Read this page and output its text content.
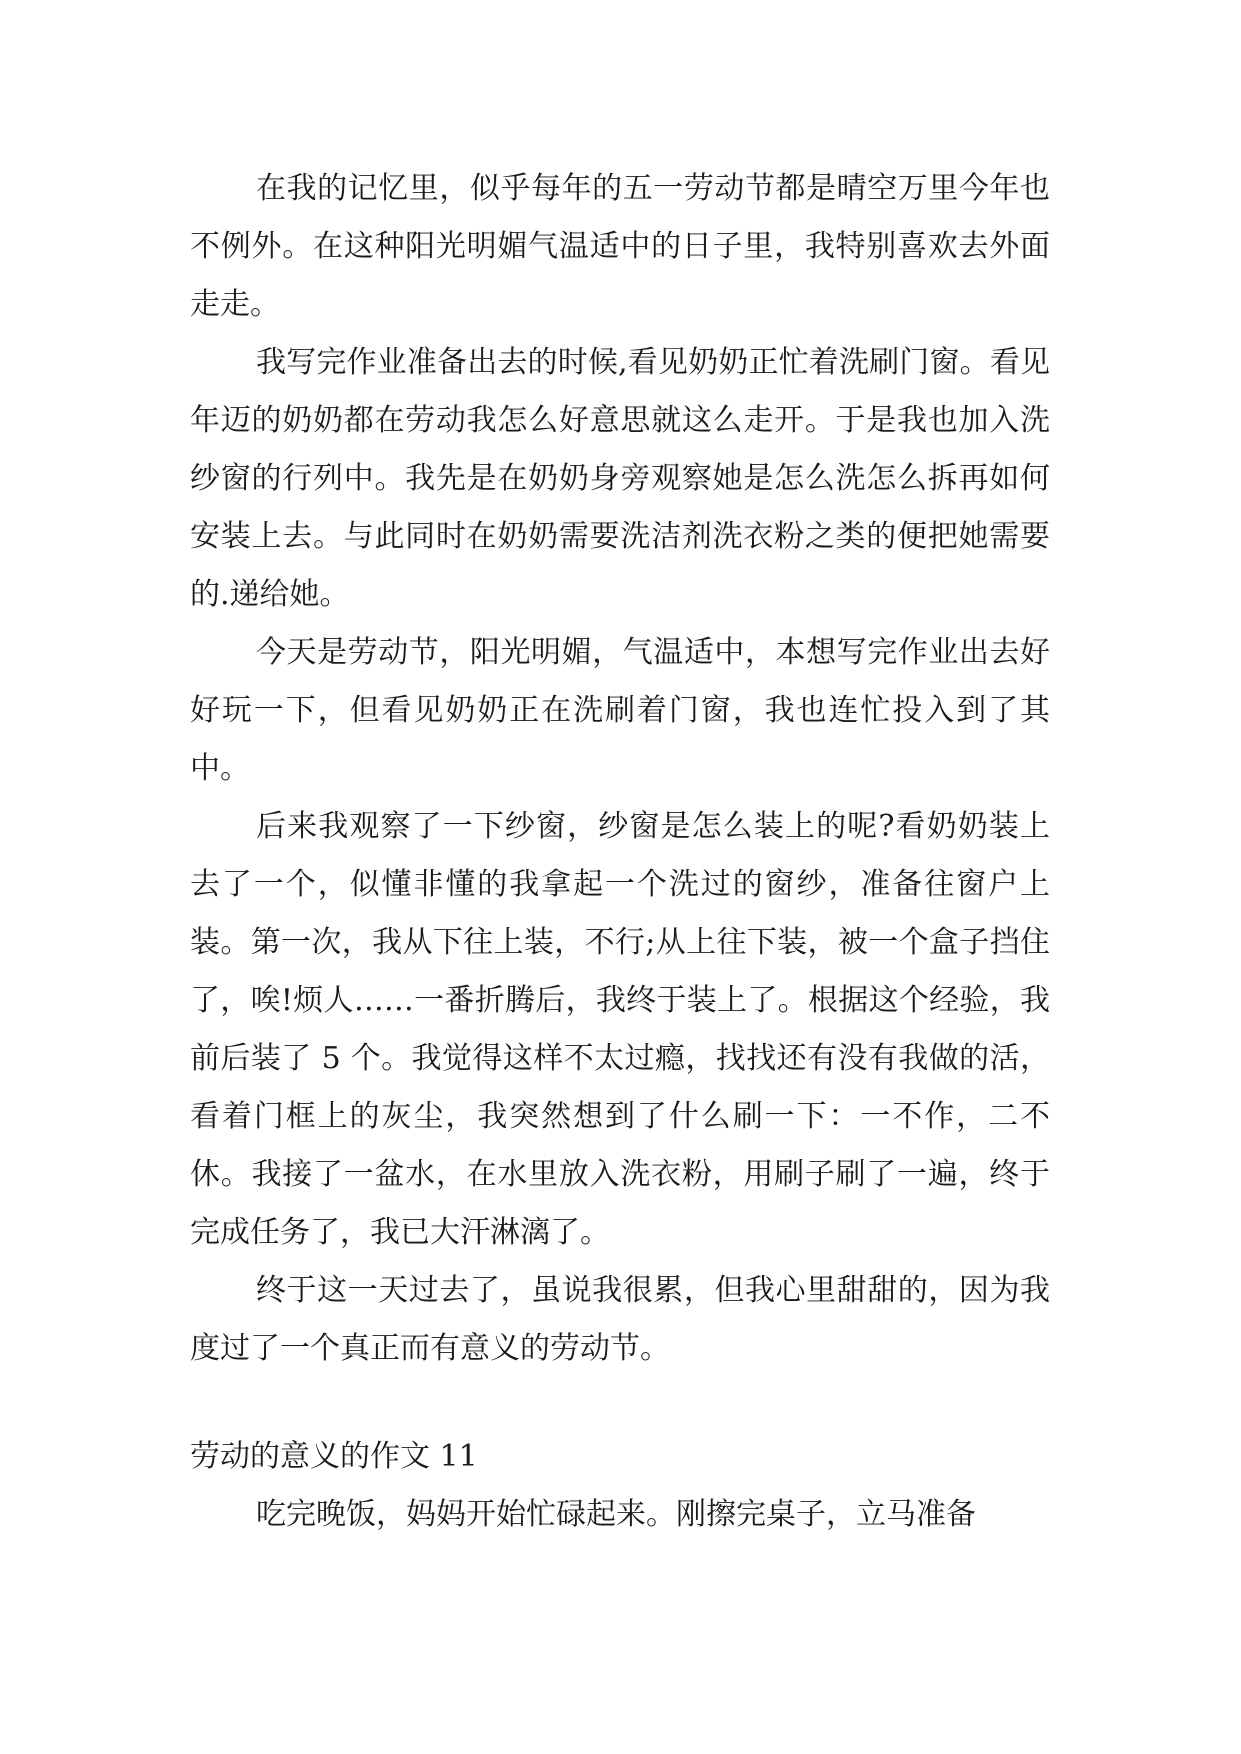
在我的记忆里，似乎每年的五一劳动节都是晴空万里今年也不例外。在这种阳光明媚气温适中的日子里，我特别喜欢去外面走走。

我写完作业准备出去的时候,看见奶奶正忙着洗刷门窗。看见年迈的奶奶都在劳动我怎么好意思就这么走开。于是我也加入洗纱窗的行列中。我先是在奶奶身旁观察她是怎么洗怎么拆再如何安装上去。与此同时在奶奶需要洗洁剂洗衣粉之类的便把她需要的.递给她。

今天是劳动节，阳光明媚，气温适中，本想写完作业出去好好玩一下，但看见奶奶正在洗刷着门窗，我也连忙投入到了其中。

后来我观察了一下纱窗，纱窗是怎么装上的呢?看奶奶装上去了一个，似懂非懂的我拿起一个洗过的窗纱，准备往窗户上装。第一次，我从下往上装，不行;从上往下装，被一个盒子挡住了，唉!烦人……一番折腾后，我终于装上了。根据这个经验，我前后装了 5 个。我觉得这样不太过瘾，找找还有没有我做的活，看着门框上的灰尘，我突然想到了什么刷一下：一不作，二不休。我接了一盆水，在水里放入洗衣粉，用刷子刷了一遍，终于完成任务了，我已大汗淋漓了。

终于这一天过去了，虽说我很累，但我心里甜甜的，因为我度过了一个真正而有意义的劳动节。

劳动的意义的作文 11

吃完晚饭，妈妈开始忙碌起来。刚擦完桌子，立马准备
